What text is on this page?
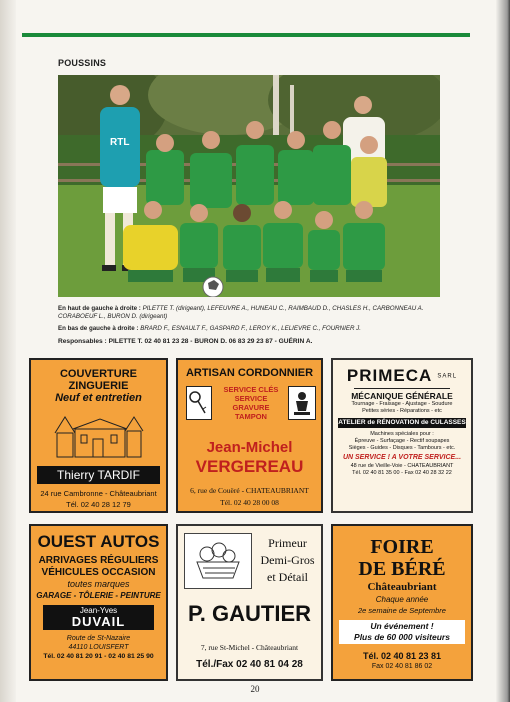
POUSSINS
RTL
En haut de gauche à droite : PILETTE T. (dirigeant), LEFEUVRE A., HUNEAU C., RAIMBAUD D., CHASLES H., CARBONNEAU A. CORABOEUF L., BURON D. (dirigeant)
En bas de gauche à droite : BRARD F., ESNAULT F., GASPARD F., LEROY K., LELIEVRE C., FOURNIER J.
Responsables : PILETTE T. 02 40 81 23 28 - BURON D. 06 83 29 23 87 - GUÉRIN A.
COUVERTURE
ZINGUERIE
Neuf et entretien
Thierry TARDIF
24 rue Cambronne - Châteaubriant
Tél. 02 40 28 12 79
ARTISAN CORDONNIER
SERVICE CLÉS
SERVICE
GRAVURE
TAMPON
Jean-Michel
VERGEREAU
6, rue de Couëré - CHATEAUBRIANT
Tél. 02 40 28 00 08
PRIMECA SARL
MÉCANIQUE GÉNÉRALE
Tournage - Fraisage - Ajustage - Soudure
Petites séries - Réparations - etc
ATELIER de RÉNOVATION de CULASSES
Machines spéciales pour :
Épreuve - Surfaçage - Rectif soupapes
Sièges - Guides - Disques - Tambours - etc.
UN SERVICE ! A VOTRE SERVICE...
48 rue de Vieille-Voie - CHATEAUBRIANT
Tél. 02 40 81 35 00 - Fax 02 40 28 32 22
OUEST AUTOS
ARRIVAGES RÉGULIERS
VÉHICULES OCCASION
toutes marques
GARAGE - TÔLERIE - PEINTURE
Jean-Yves
DUVAIL
Route de St-Nazaire
44110 LOUISFERT
Tél. 02 40 81 20 91 - 02 40 81 25 90
Primeur
Demi-Gros
et Détail
P. GAUTIER
7, rue St-Michel - Châteaubriant
Tél./Fax 02 40 81 04 28
FOIRE
DE BÉRÉ
Châteaubriant
Chaque année
2e semaine de Septembre
Un événement !
Plus de 60 000 visiteurs
Tél. 02 40 81 23 81
Fax 02 40 81 86 02
20
